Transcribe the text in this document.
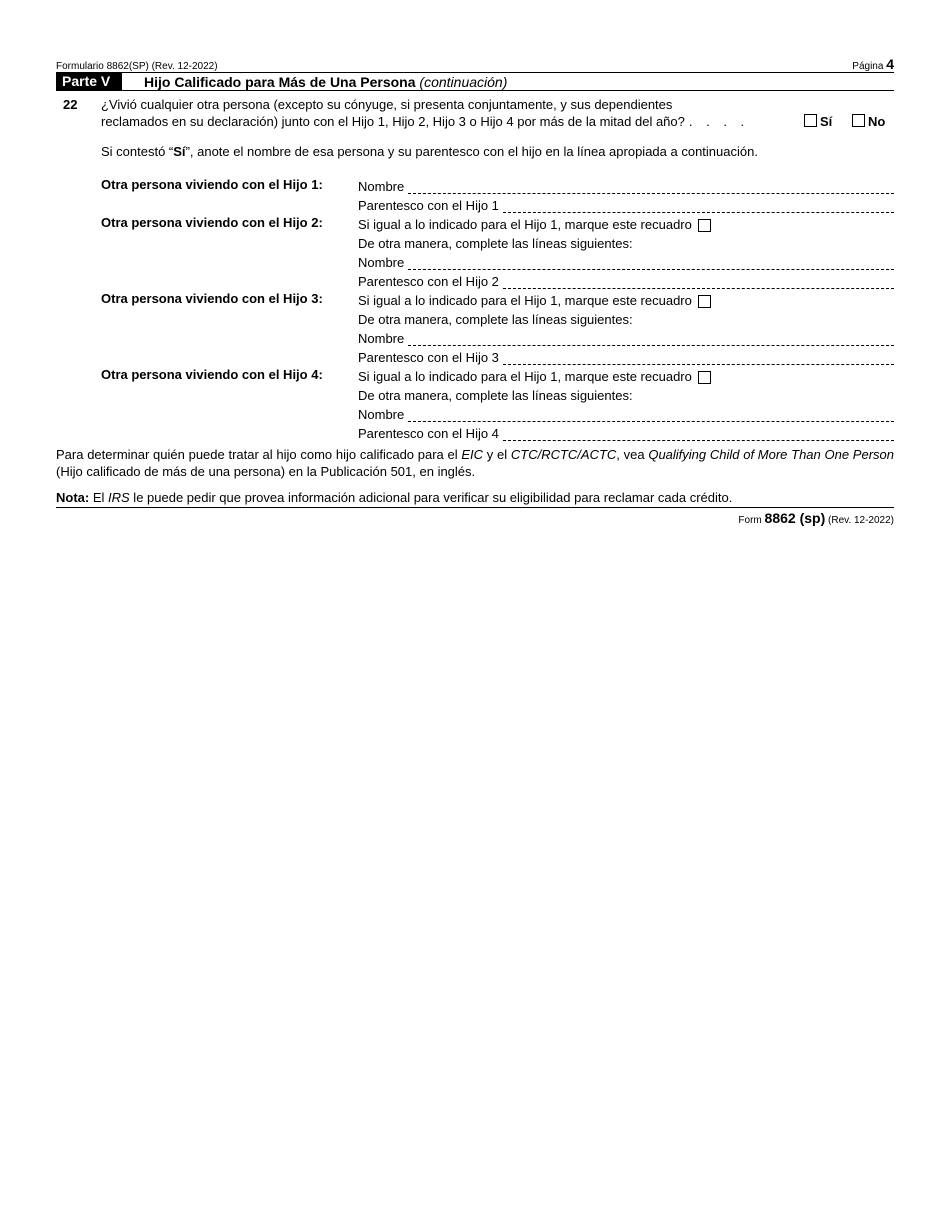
Formulario 8862(SP) (Rev. 12-2022)	Página 4
Parte V	Hijo Calificado para Más de Una Persona (continuación)
22 ¿Vivió cualquier otra persona (excepto su cónyuge, si presenta conjuntamente, y sus dependientes
reclamados en su declaración) junto con el Hijo 1, Hijo 2, Hijo 3 o Hijo 4 por más de la mitad del año? . . . .	Sí	No
Si contestó “Sí”, anote el nombre de esa persona y su parentesco con el hijo en la línea apropiada a continuación.
Otra persona viviendo con el Hijo 1:	Nombre
Parentesco con el Hijo 1
Otra persona viviendo con el Hijo 2:	Si igual a lo indicado para el Hijo 1, marque este recuadro
De otra manera, complete las líneas siguientes:
Nombre
Parentesco con el Hijo 2
Otra persona viviendo con el Hijo 3:	Si igual a lo indicado para el Hijo 1, marque este recuadro
De otra manera, complete las líneas siguientes:
Nombre
Parentesco con el Hijo 3
Otra persona viviendo con el Hijo 4:	Si igual a lo indicado para el Hijo 1, marque este recuadro
De otra manera, complete las líneas siguientes:
Nombre
Parentesco con el Hijo 4
Para determinar quién puede tratar al hijo como hijo calificado para el EIC y el CTC/RCTC/ACTC, vea Qualifying Child of More Than One Person (Hijo calificado de más de una persona) en la Publicación 501, en inglés.
Nota: El IRS le puede pedir que provea información adicional para verificar su eligibilidad para reclamar cada crédito.
Form 8862 (sp) (Rev. 12-2022)
